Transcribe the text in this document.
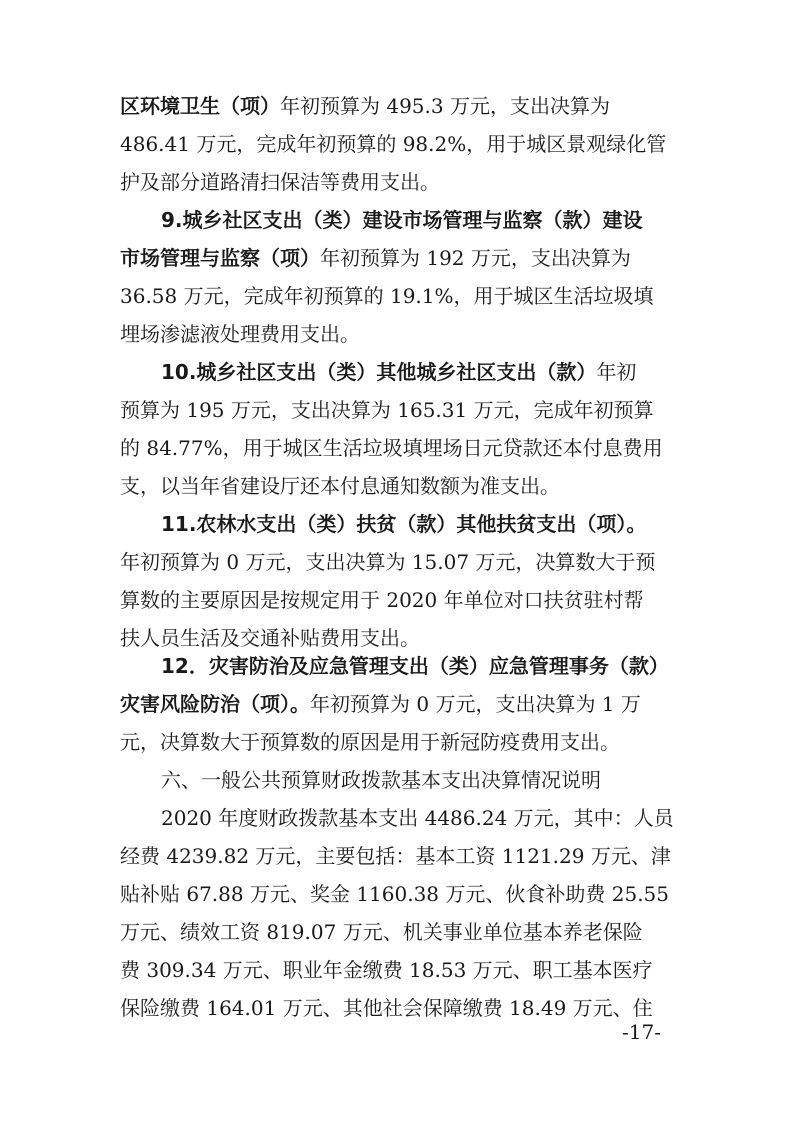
区环境卫生（项）年初预算为 495.3 万元，支出决算为
486.41 万元，完成年初预算的 98.2%，用于城区景观绿化管
护及部分道路清扫保洁等费用支出。
9.城乡社区支出（类）建设市场管理与监察（款）建设
市场管理与监察（项）年初预算为 192 万元，支出决算为
36.58 万元，完成年初预算的 19.1%，用于城区生活垃圾填
埋场渗滤液处理费用支出。
10.城乡社区支出（类）其他城乡社区支出（款）年初
预算为 195 万元，支出决算为 165.31 万元，完成年初预算
的 84.77%，用于城区生活垃圾填埋场日元贷款还本付息费用
支，以当年省建设厅还本付息通知数额为准支出。
11.农林水支出（类）扶贫（款）其他扶贫支出（项）。
年初预算为 0 万元，支出决算为 15.07 万元，决算数大于预
算数的主要原因是按规定用于 2020 年单位对口扶贫驻村帮
扶人员生活及交通补贴费用支出。
12．灾害防治及应急管理支出（类）应急管理事务（款）
灾害风险防治（项）。年初预算为 0 万元，支出决算为 1 万
元，决算数大于预算数的原因是用于新冠防疫费用支出。
六、一般公共预算财政拨款基本支出决算情况说明
2020 年度财政拨款基本支出 4486.24 万元，其中：人员
经费 4239.82 万元，主要包括：基本工资 1121.29 万元、津
贴补贴 67.88 万元、奖金 1160.38 万元、伙食补助费 25.55
万元、绩效工资 819.07 万元、机关事业单位基本养老保险
费 309.34 万元、职业年金缴费 18.53 万元、职工基本医疗
保险缴费 164.01 万元、其他社会保障缴费 18.49 万元、住
-17-
